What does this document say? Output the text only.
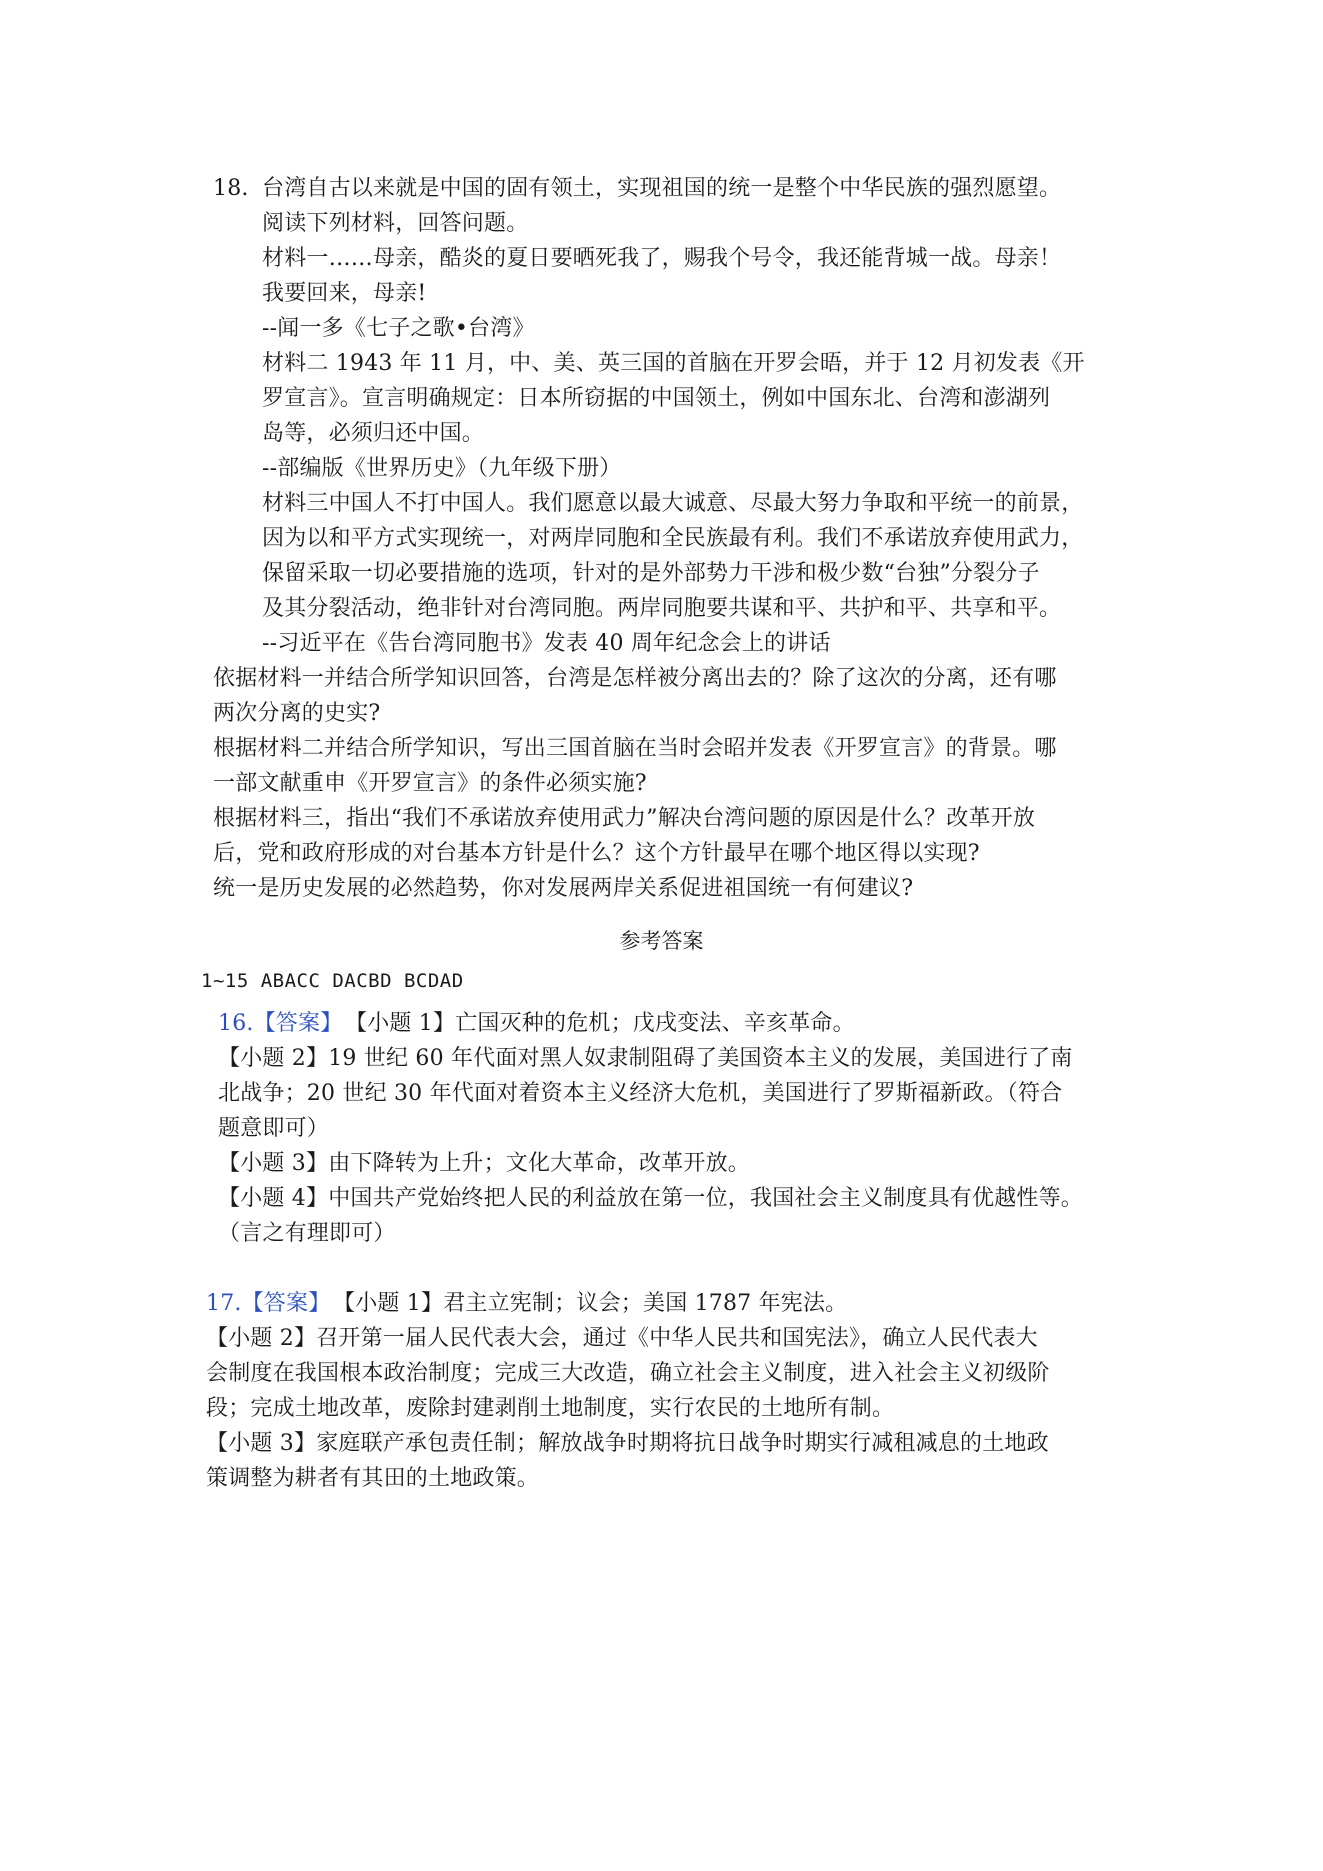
18. 台湾自古以来就是中国的固有领土，实现祖国的统一是整个中华民族的强烈愿望。
阅读下列材料，回答问题。
材料一……母亲，酷炎的夏日要晒死我了，赐我个号令，我还能背城一战。母亲！
我要回来，母亲!
--闻一多《七子之歌•台湾》
材料二 1943 年 11 月，中、美、英三国的首脑在开罗会晤，并于 12 月初发表《开
罗宣言》。宣言明确规定：日本所窃据的中国领土，例如中国东北、台湾和澎湖列
岛等，必须归还中国。
--部编版《世界历史》（九年级下册）
材料三中国人不打中国人。我们愿意以最大诚意、尽最大努力争取和平统一的前景，
因为以和平方式实现统一，对两岸同胞和全民族最有利。我们不承诺放弃使用武力，
保留采取一切必要措施的选项，针对的是外部势力干涉和极少数“台独”分裂分子
及其分裂活动，绝非针对台湾同胞。两岸同胞要共谋和平、共护和平、共享和平。
--习近平在《告台湾同胞书》发表 40 周年纪念会上的讲话
依据材料一并结合所学知识回答，台湾是怎样被分离出去的？除了这次的分离，还有哪
两次分离的史实?
根据材料二并结合所学知识，写出三国首脑在当时会昭并发表《开罗宣言》的背景。哪
一部文献重申《开罗宣言》的条件必须实施?
根据材料三，指出“我们不承诺放弃使用武力”解决台湾问题的原因是什么？改革开放
后，党和政府形成的对台基本方针是什么？这个方针最早在哪个地区得以实现?
统一是历史发展的必然趋势，你对发展两岸关系促进祖国统一有何建议?
参考答案
1~15 ABACC DACBD BCDAD
16.【答案】 【小题 1】亡国灭种的危机；戊戌变法、辛亥革命。
【小题 2】19 世纪 60 年代面对黑人奴隶制阻碍了美国资本主义的发展，美国进行了南
北战争；20 世纪 30 年代面对着资本主义经济大危机，美国进行了罗斯福新政。（符合
题意即可）
【小题 3】由下降转为上升；文化大革命，改革开放。
【小题 4】中国共产党始终把人民的利益放在第一位，我国社会主义制度具有优越性等。
（言之有理即可）
17.【答案】 【小题 1】君主立宪制；议会；美国 1787 年宪法。
【小题 2】召开第一届人民代表大会，通过《中华人民共和国宪法》，确立人民代表大
会制度在我国根本政治制度；完成三大改造，确立社会主义制度，进入社会主义初级阶
段；完成土地改革，废除封建剥削土地制度，实行农民的土地所有制。
【小题 3】家庭联产承包责任制；解放战争时期将抗日战争时期实行减租减息的土地政
策调整为耕者有其田的土地政策。
